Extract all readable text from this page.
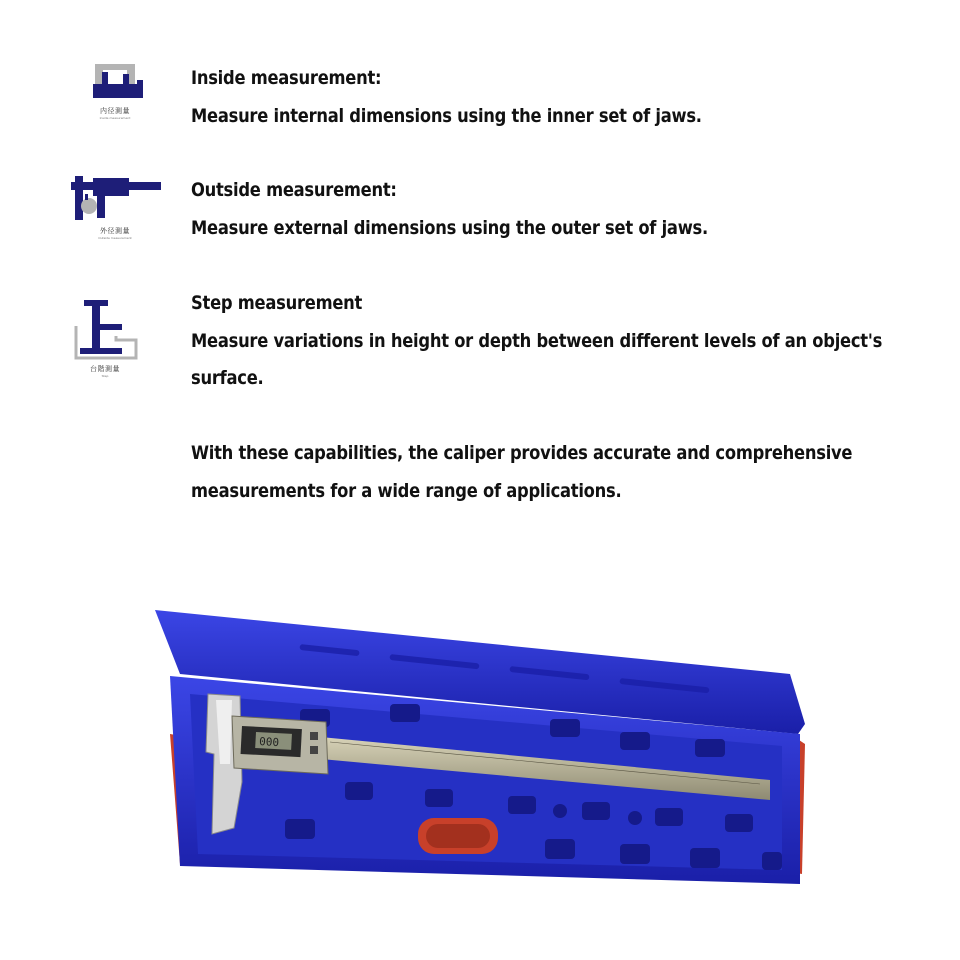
内径測量
Inside measurement

Inside measurement:

Measure internal dimensions using the inner set of jaws.

外径測量
Outside measurement

Outside measurement:

Measure external dimensions using the outer set of jaws.

台階測量
Step

Step measurement

Measure variations in height or depth between different levels of an object's

surface.

With these capabilities, the caliper provides accurate and comprehensive

measurements for a wide range of applications.

000
